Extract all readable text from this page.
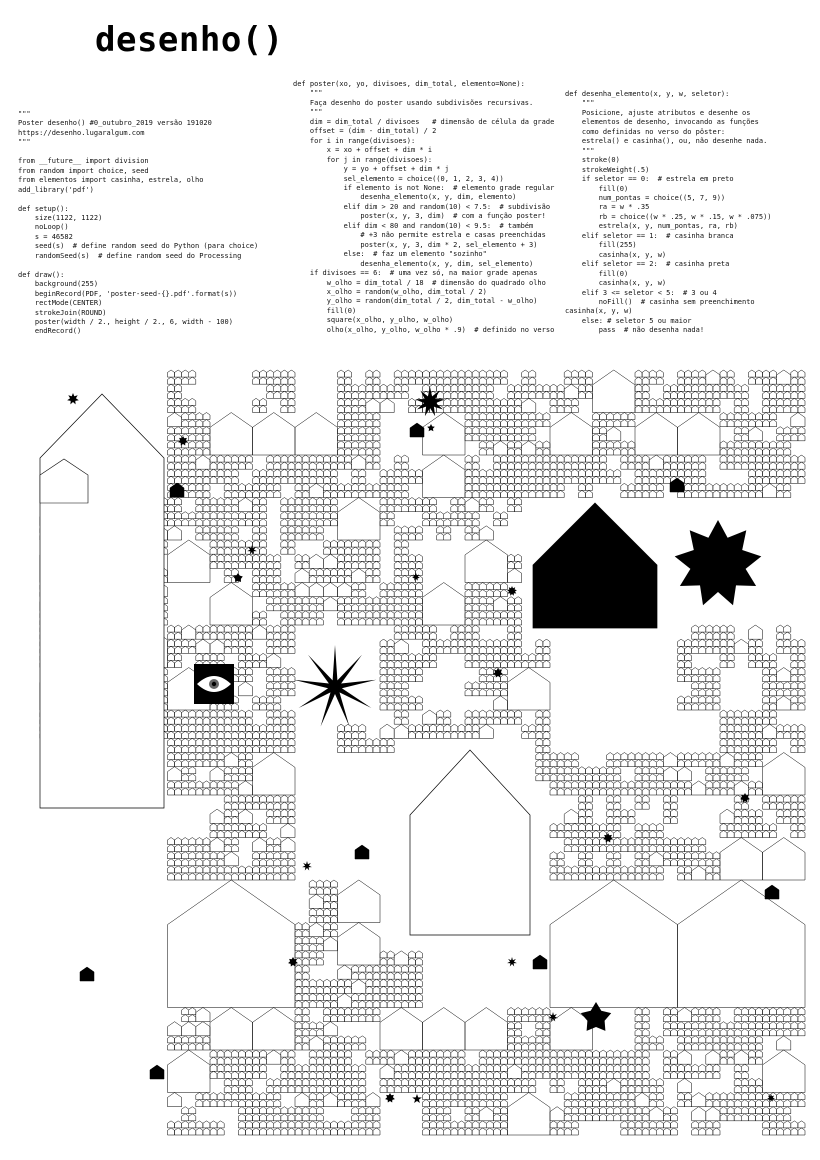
desenho()
"""
Poster desenho() #0_outubro_2019 versão 191020
https://desenho.lugaralgum.com
"""

from __future__ import division
from random import choice, seed
from elementos import casinha, estrela, olho
add_library('pdf')

def setup():
size(1122, 1122)
noLoop()
s = 46582
seed(s)  # define random seed do Python (para choice)
randomSeed(s)  # define random seed do Processing

def draw():
background(255)
beginRecord(PDF, 'poster-seed-{}.pdf'.format(s))
rectMode(CENTER)
strokeJoin(ROUND)
poster(width / 2., height / 2., 6, width - 100)
endRecord()
def poster(xo, yo, divisoes, dim_total, elemento=None):
"""
Faça desenho do poster usando subdivisões recursivas.
"""
dim = dim_total / divisoes   # dimensão de célula da grade
offset = (dim - dim_total) / 2
for i in range(divisoes):
x = xo + offset + dim * i
for j in range(divisoes):
y = yo + offset + dim * j
sel_elemento = choice((0, 1, 2, 3, 4))
if elemento is not None:  # elemento grade regular
desenha_elemento(x, y, dim, elemento)
elif dim > 20 and random(10) < 7.5:  # subdivisão
poster(x, y, 3, dim)  # com a função poster!
elif dim < 80 and random(10) < 9.5:  # também
# +3 não permite estrela e casas preenchidas
poster(x, y, 3, dim * 2, sel_elemento + 3)
else:  # faz um elemento "sozinho"
desenha_elemento(x, y, dim, sel_elemento)
if divisoes == 6:  # uma vez só, na maior grade apenas
w_olho = dim_total / 18  # dimensão do quadrado olho
x_olho = random(w_olho, dim_total / 2)
y_olho = random(dim_total / 2, dim_total - w_olho)
fill(0)
square(x_olho, y_olho, w_olho)
olho(x_olho, y_olho, w_olho * .9)  # definido no verso
def desenha_elemento(x, y, w, seletor):
"""
Posicione, ajuste atributos e desenhe os
elementos de desenho, invocando as funções
como definidas no verso do pôster:
estrela() e casinha(), ou, não desenhe nada.
"""
stroke(0)
strokeWeight(.5)
if seletor == 0:  # estrela em preto
fill(0)
num_pontas = choice((5, 7, 9))
ra = w * .35
rb = choice((w * .25, w * .15, w * .075))
estrela(x, y, num_pontas, ra, rb)
elif seletor == 1:  # casinha branca
fill(255)
casinha(x, y, w)
elif seletor == 2:  # casinha preta
fill(0)
casinha(x, y, w)
elif 3 <= seletor < 5:  # 3 ou 4
noFill()  # casinha sem preenchimento
casinha(x, y, w)
else: # seletor 5 ou maior
pass  # não desenha nada!
